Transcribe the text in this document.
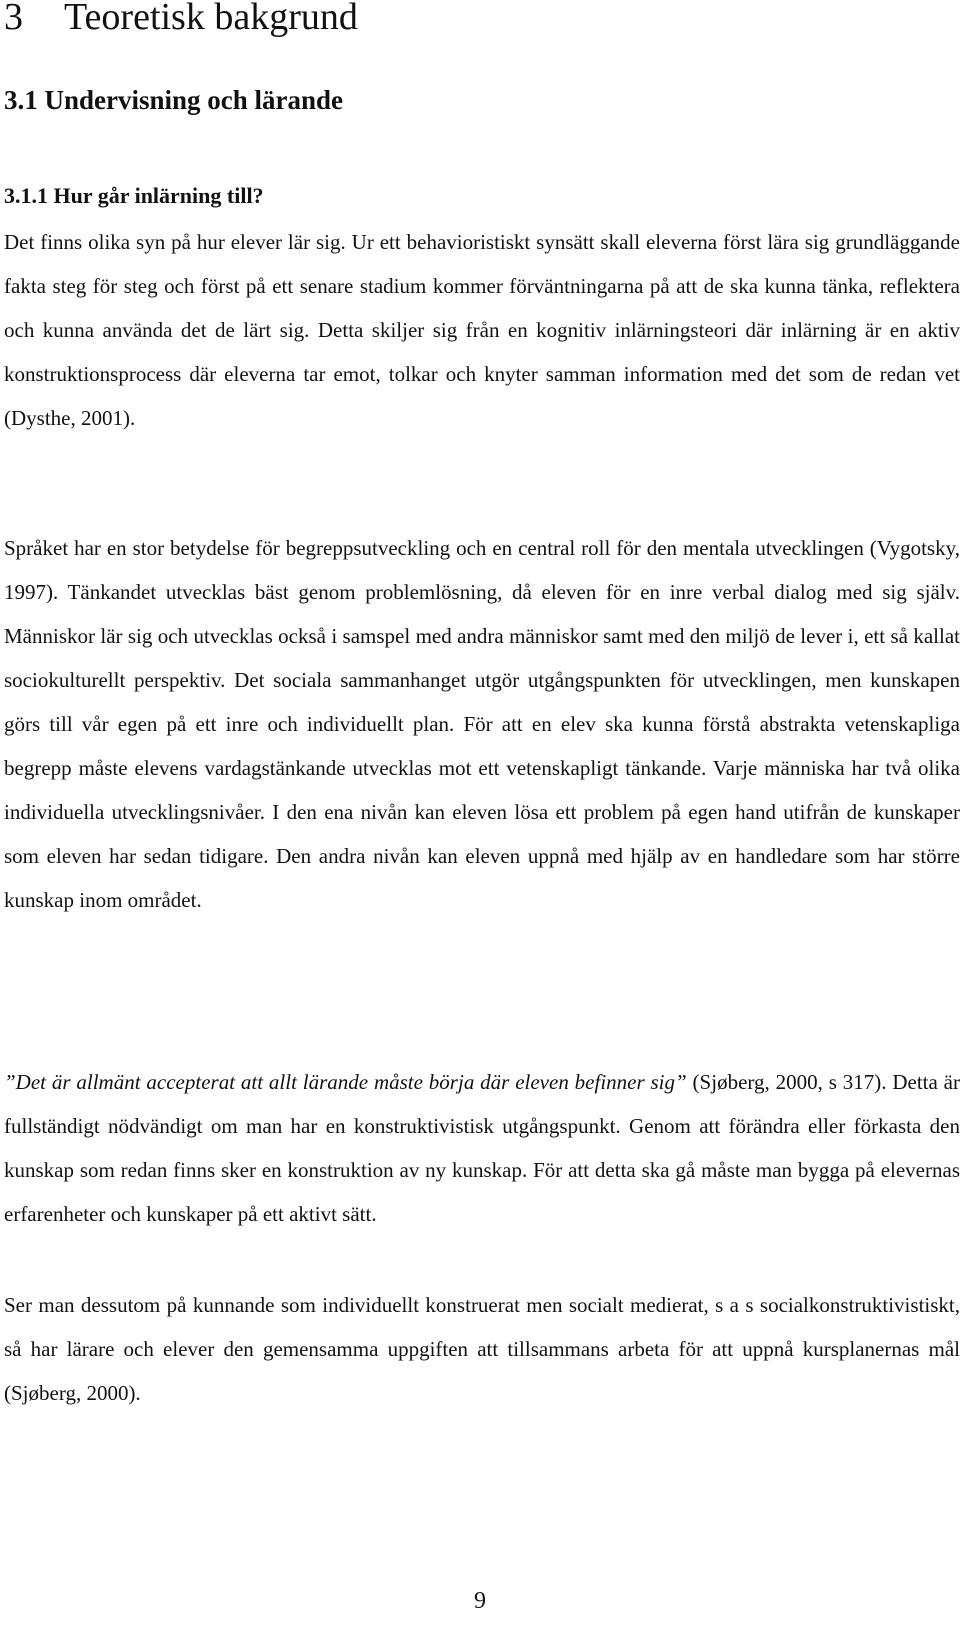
3 Teoretisk bakgrund
3.1 Undervisning och lärande
3.1.1 Hur går inlärning till?

Det finns olika syn på hur elever lär sig. Ur ett behavioristiskt synsätt skall eleverna först lära sig grundläggande fakta steg för steg och först på ett senare stadium kommer förväntningarna på att de ska kunna tänka, reflektera och kunna använda det de lärt sig. Detta skiljer sig från en kognitiv inlärningsteori där inlärning är en aktiv konstruktionsprocess där eleverna tar emot, tolkar och knyter samman information med det som de redan vet (Dysthe, 2001).

Språket har en stor betydelse för begreppsutveckling och en central roll för den mentala utvecklingen (Vygotsky, 1997). Tänkandet utvecklas bäst genom problemlösning, då eleven för en inre verbal dialog med sig själv. Människor lär sig och utvecklas också i samspel med andra människor samt med den miljö de lever i, ett så kallat sociokulturellt perspektiv. Det sociala sammanhanget utgör utgångspunkten för utvecklingen, men kunskapen görs till vår egen på ett inre och individuellt plan. För att en elev ska kunna förstå abstrakta vetenskapliga begrepp måste elevens vardagstänkande utvecklas mot ett vetenskapligt tänkande. Varje människa har två olika individuella utvecklingsnivåer. I den ena nivån kan eleven lösa ett problem på egen hand utifrån de kunskaper som eleven har sedan tidigare. Den andra nivån kan eleven uppnå med hjälp av en handledare som har större kunskap inom området.

”Det är allmänt accepterat att allt lärande måste börja där eleven befinner sig” (Sjøberg, 2000, s 317). Detta är fullständigt nödvändigt om man har en konstruktivistisk utgångspunkt. Genom att förändra eller förkasta den kunskap som redan finns sker en konstruktion av ny kunskap. För att detta ska gå måste man bygga på elevernas erfarenheter och kunskaper på ett aktivt sätt.

Ser man dessutom på kunnande som individuellt konstruerat men socialt medierat, s a s socialkonstruktivistiskt, så har lärare och elever den gemensamma uppgiften att tillsammans arbeta för att uppnå kursplanernas mål (Sjøberg, 2000).

9
